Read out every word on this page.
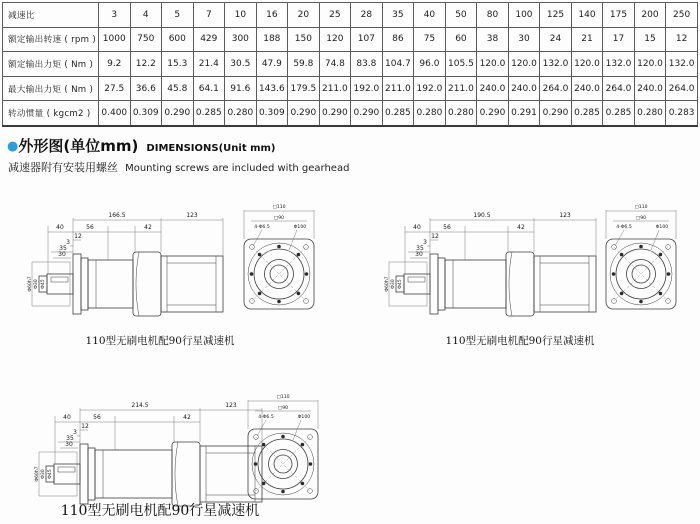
减速比	3	4	5	7	10	16	20	25	28	35	40	50	80	100	125	140	175	200	250
额定输出转速 ( rpm )	1000	750	600	429	300	188	150	120	107	86	75	60	38	30	24	21	17	15	12
额定输出力矩 ( Nm )	9.2	12.2	15.3	21.4	30.5	47.9	59.8	74.8	83.8	104.7	96.0	105.5	120.0	120.0	132.0	120.0	132.0	120.0	132.0
最大输出力矩 ( Nm )	27.5	36.6	45.8	64.1	91.6	143.6	179.5	211.0	192.0	211.0	192.0	211.0	240.0	240.0	264.0	240.0	264.0	240.0	264.0
转动惯量 ( kgcm2 )	0.400	0.309	0.290	0.285	0.280	0.309	0.290	0.290	0.290	0.285	0.280	0.280	0.290	0.291	0.290	0.285	0.285	0.280	0.283
●外形图(单位mm) DIMENSIONS(Unit mm)
减速器附有安装用螺丝 Mounting screws are included with gearhead
166.5	123
40	56	42
12
3
35
30
Φ60h7 Φ45
Φ30
□110
□90
4-Φ6.5	Φ100
190.5	123
40	56	42
12
3
35
30
Φ60h7 Φ45
Φ30
□110
□90
4-Φ6.5	Φ100
110型无刷电机配90行星减速机	110型无刷电机配90行星减速机
214.5	123
40	56	42
12
3
35
30
Φ60h7 Φ45
Φ30
□110
□90
4-Φ6.5	Φ100
110型无刷电机配90行星减速机
